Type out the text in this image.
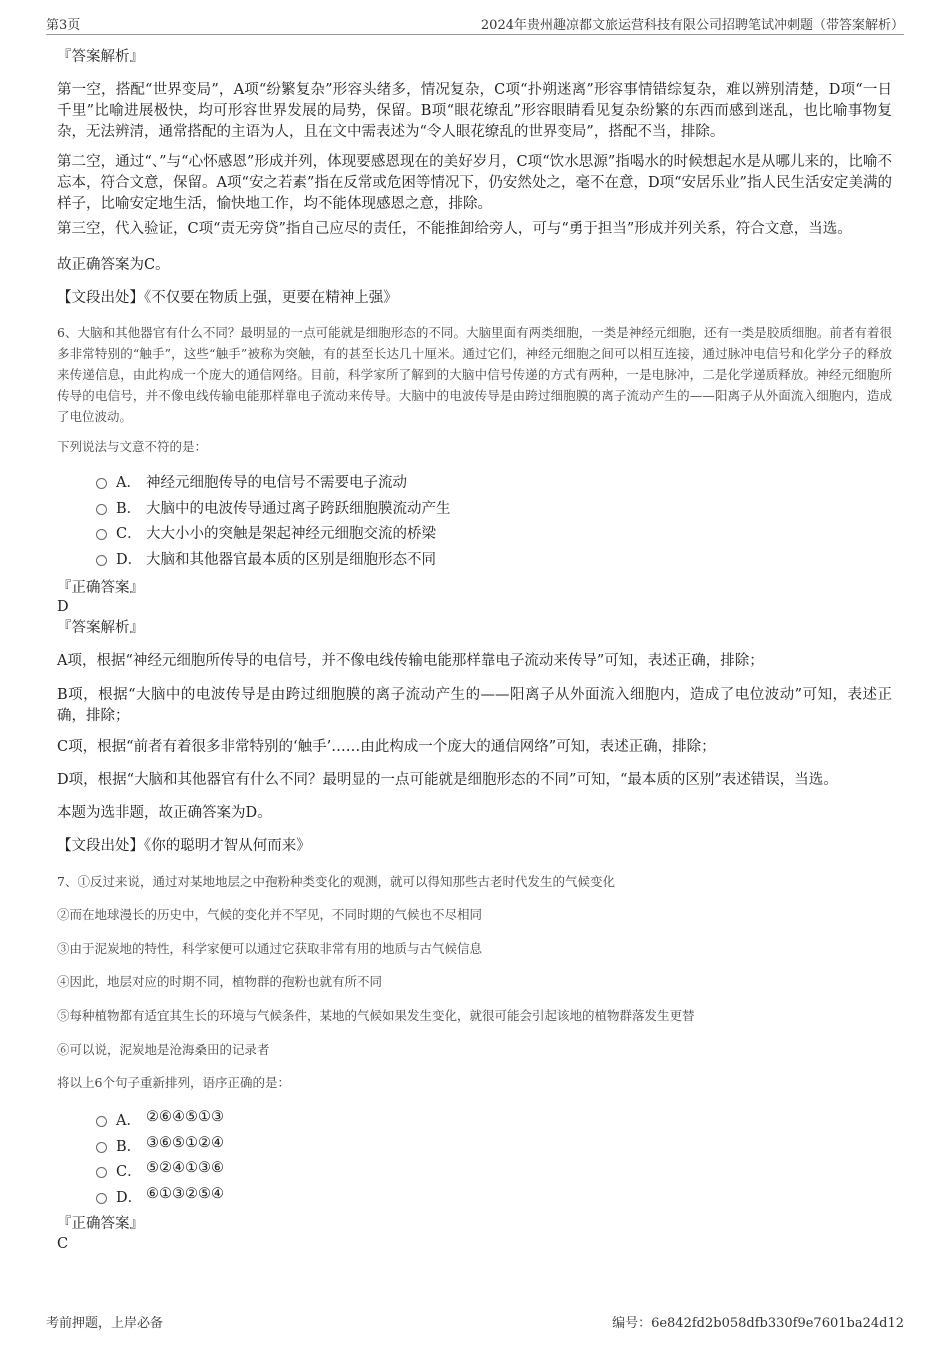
第3页	2024年贵州趣凉都文旅运营科技有限公司招聘笔试冲刺题（带答案解析）
『答案解析』
第一空，搭配“世界变局”，A项“纷繁复杂”形容头绪多，情况复杂，C项“扑朔迷离”形容事情错综复杂，难以辨别清楚，D项“一日千里”比喻进展极快，均可形容世界发展的局势，保留。B项“眼花缭乱”形容眼睛看见复杂纷繁的东西而感到迷乱，也比喻事物复杂，无法辨清，通常搭配的主语为人，且在文中需表述为“令人眼花缭乱的世界变局”，搭配不当，排除。
第二空，通过“、”与“心怀感恩”形成并列，体现要感恩现在的美好岁月，C项“饮水思源”指喝水的时候想起水是从哪儿来的，比喻不忘本，符合文意，保留。A项“安之若素”指在反常或危困等情况下，仍安然处之，毫不在意，D项“安居乐业”指人民生活安定美满的样子，比喻安定地生活，愉快地工作，均不能体现感恩之意，排除。
第三空，代入验证，C项“责无旁贷”指自己应尽的责任，不能推卸给旁人，可与“勇于担当”形成并列关系，符合文意，当选。
故正确答案为C。
【文段出处】《不仅要在物质上强，更要在精神上强》
6、大脑和其他器官有什么不同？最明显的一点可能就是细胞形态的不同。大脑里面有两类细胞，一类是神经元细胞，还有一类是胶质细胞。前者有着很多非常特别的“触手”，这些“触手”被称为突触，有的甚至长达几十厘米。通过它们，神经元细胞之间可以相互连接，通过脉冲电信号和化学分子的释放来传递信息，由此构成一个庞大的通信网络。目前，科学家所了解到的大脑中信号传递的方式有两种，一是电脉冲，二是化学递质释放。神经元细胞所传导的电信号，并不像电线传输电能那样靠电子流动来传导。大脑中的电波传导是由跨过细胞膜的离子流动产生的——阳离子从外面流入细胞内，造成了电位波动。
下列说法与文意不符的是：
A． 神经元细胞传导的电信号不需要电子流动
B． 大脑中的电波传导通过离子跨跃细胞膜流动产生
C． 大大小小的突触是架起神经元细胞交流的桥梁
D． 大脑和其他器官最本质的区别是细胞形态不同
『正确答案』
D
『答案解析』
A项，根据“神经元细胞所传导的电信号，并不像电线传输电能那样靠电子流动来传导”可知，表述正确，排除；
B项，根据“大脑中的电波传导是由跨过细胞膜的离子流动产生的——阳离子从外面流入细胞内，造成了电位波动”可知，表述正确，排除；
C项，根据“前者有着很多非常特别的‘触手’……由此构成一个庞大的通信网络”可知，表述正确，排除；
D项，根据“大脑和其他器官有什么不同？最明显的一点可能就是细胞形态的不同”可知，“最本质的区别”表述错误，当选。
本题为选非题，故正确答案为D。
【文段出处】《你的聪明才智从何而来》
7、①反过来说，通过对某地地层之中孢粉种类变化的观测，就可以得知那些古老时代发生的气候变化
②而在地球漫长的历史中，气候的变化并不罕见，不同时期的气候也不尽相同
③由于泥炭地的特性，科学家便可以通过它获取非常有用的地质与古气候信息
④因此，地层对应的时期不同，植物群的孢粉也就有所不同
⑤每种植物都有适宜其生长的环境与气候条件，某地的气候如果发生变化，就很可能会引起该地的植物群落发生更替
⑥可以说，泥炭地是沧海桑田的记录者
将以上6个句子重新排列，语序正确的是：
A． ②⑥④⑤①③
B． ③⑥⑤①②④
C． ⑤②④①③⑥
D． ⑥①③②⑤④
『正确答案』
C
考前押题，上岸必备	编号：6e842fd2b058dfb330f9e7601ba24d12
